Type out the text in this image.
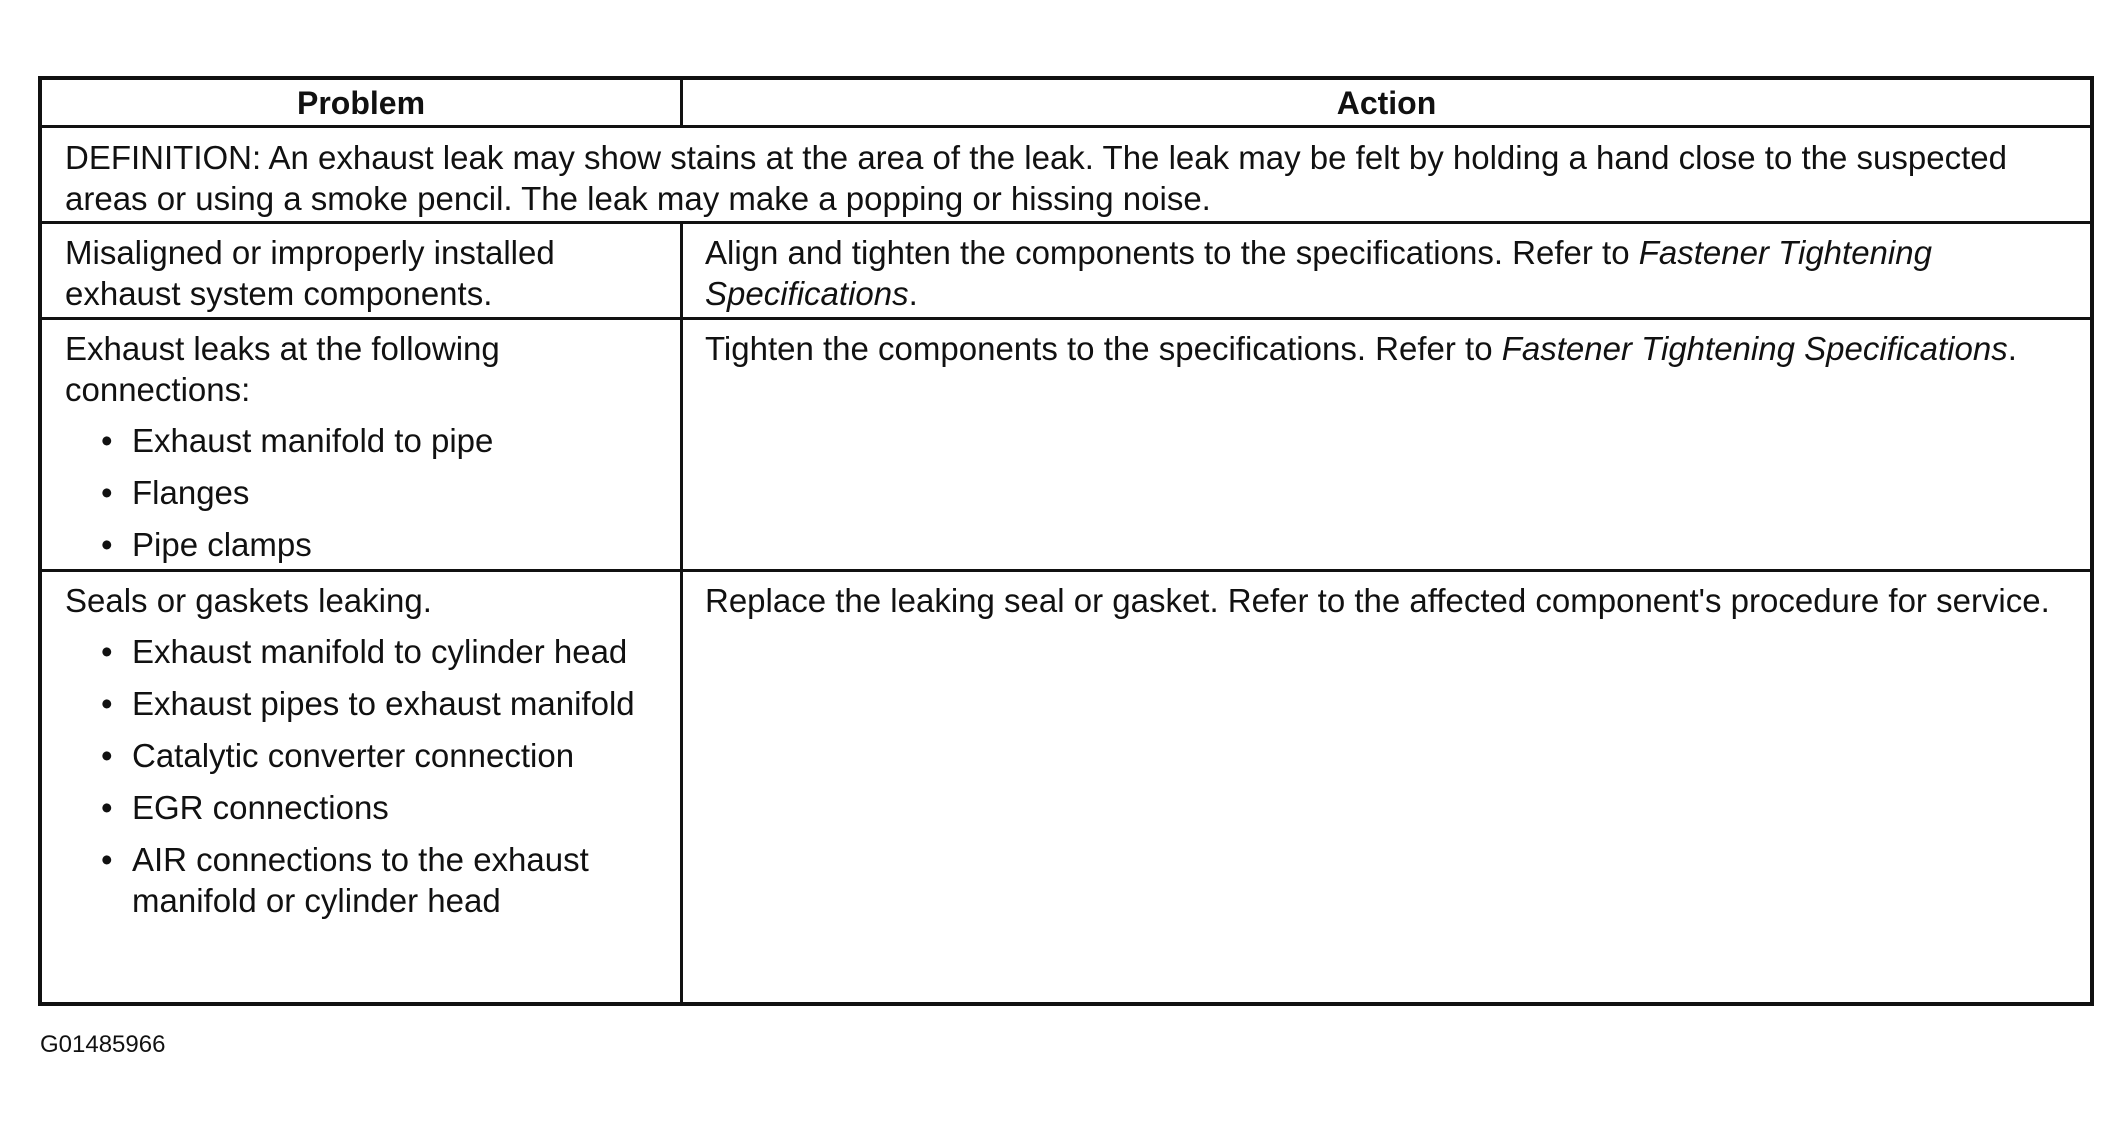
Problem	Action
DEFINITION: An exhaust leak may show stains at the area of the leak. The leak may be felt by holding a hand close to the suspected areas or using a smoke pencil. The leak may make a popping or hissing noise.
Misaligned or improperly installed exhaust system components.
Align and tighten the components to the specifications. Refer to Fastener Tightening Specifications.
Exhaust leaks at the following connections:
• Exhaust manifold to pipe
• Flanges
• Pipe clamps
Tighten the components to the specifications. Refer to Fastener Tightening Specifications.
Seals or gaskets leaking.
• Exhaust manifold to cylinder head
• Exhaust pipes to exhaust manifold
• Catalytic converter connection
• EGR connections
• AIR connections to the exhaust manifold or cylinder head
Replace the leaking seal or gasket. Refer to the affected component's procedure for service.
G01485966
